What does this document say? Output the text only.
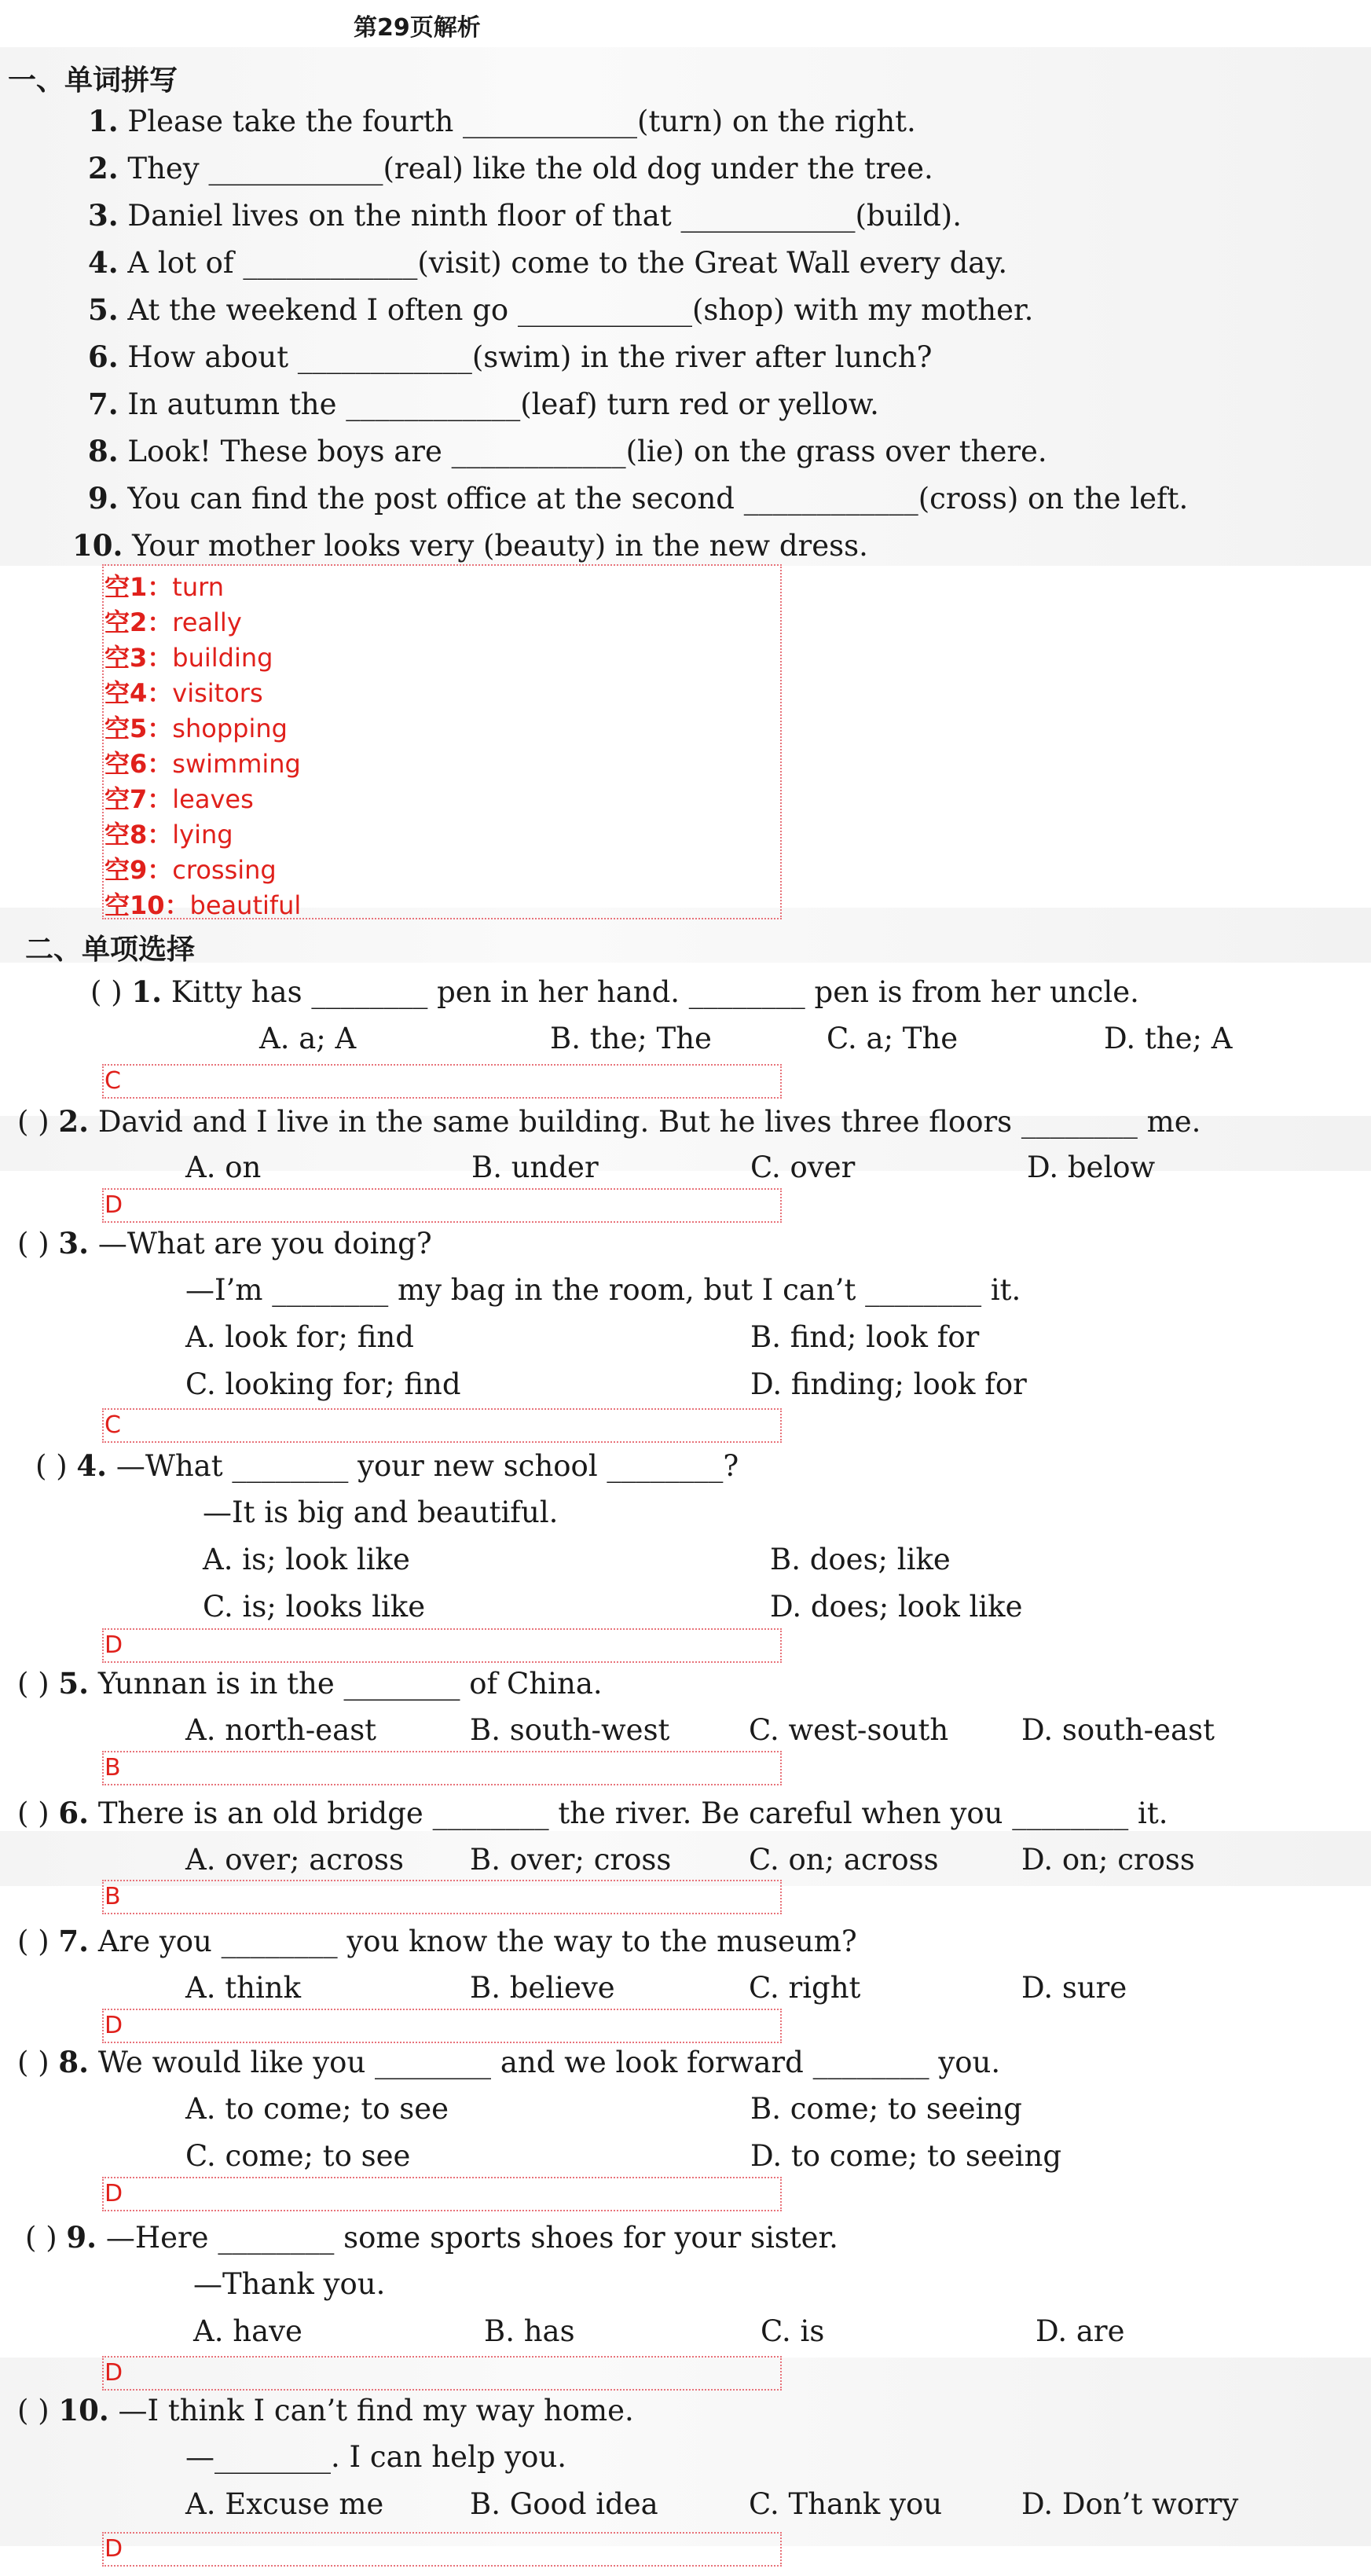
第29页解析
一、单词拼写
1. Please take the fourth ____________(turn) on the right.
2. They ____________(real) like the old dog under the tree.
3. Daniel lives on the ninth floor of that ____________(build).
4. A lot of ____________(visit) come to the Great Wall every day.
5. At the weekend I often go ____________(shop) with my mother.
6. How about ____________(swim) in the river after lunch?
7. In autumn the ____________(leaf) turn red or yellow.
8. Look! These boys are ____________(lie) on the grass over there.
9. You can find the post office at the second ____________(cross) on the left.
10. Your mother looks very (beauty) in the new dress.
空1：turn
空2：really
空3：building
空4：visitors
空5：shopping
空6：swimming
空7：leaves
空8：lying
空9：crossing
空10：beautiful
二、单项选择
( ) 1. Kitty has ________ pen in her hand. ________ pen is from her uncle.
A. a; A	B. the; The	C. a; The	D. the; A
C
( ) 2. David and I live in the same building. But he lives three floors ________ me.
A. on	B. under	C. over	D. below
D
( ) 3. —What are you doing?
—I’m ________ my bag in the room, but I can’t ________ it.
A. look for; find	B. find; look for
C. looking for; find	D. finding; look for
C
( ) 4. —What ________ your new school ________?
—It is big and beautiful.
A. is; look like	B. does; like
C. is; looks like	D. does; look like
D
( ) 5. Yunnan is in the ________ of China.
A. north-east	B. south-west	C. west-south	D. south-east
B
( ) 6. There is an old bridge ________ the river. Be careful when you ________ it.
A. over; across B. over; cross	C. on; across	D. on; cross
B
( ) 7. Are you ________ you know the way to the museum?
A. think	B. believe	C. right	D. sure
D
( ) 8. We would like you ________ and we look forward ________ you.
A. to come; to see	B. come; to seeing
C. come; to see	D. to come; to seeing
D
( ) 9. —Here ________ some sports shoes for your sister.
—Thank you.
A. have	B. has	C. is	D. are
D
( ) 10. —I think I can’t find my way home.
—________. I can help you.
A. Excuse me	B. Good idea	C. Thank you	D. Don’t worry
D
